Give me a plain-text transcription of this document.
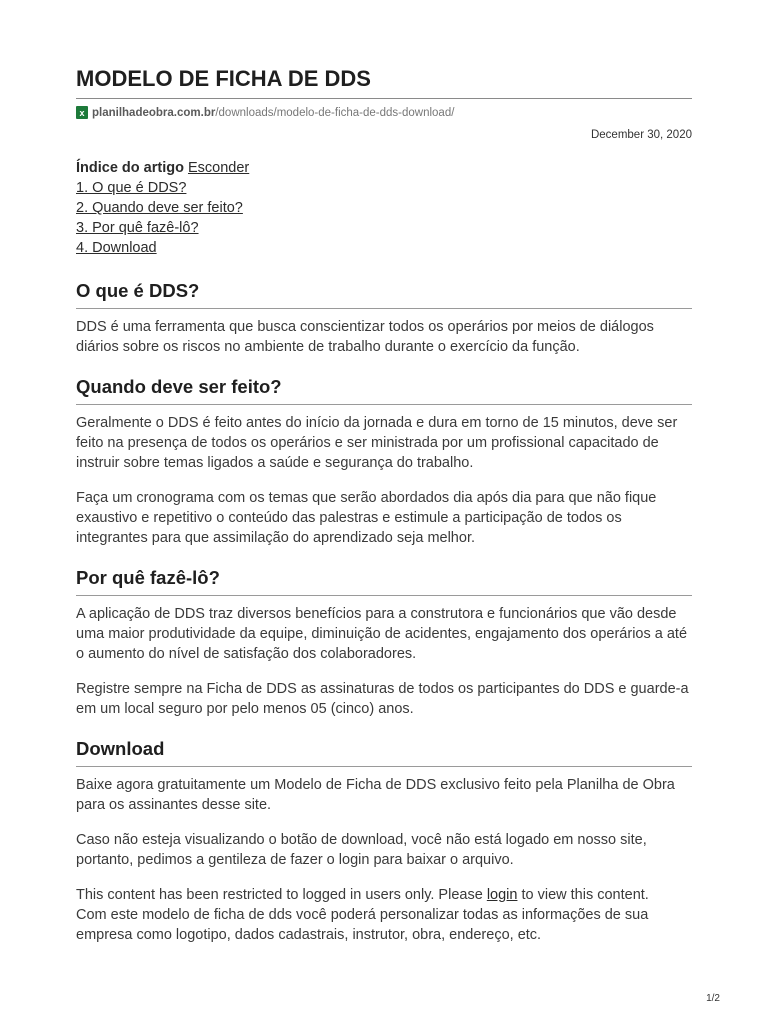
MODELO DE FICHA DE DDS
x planilhadeobra.com.br /downloads/modelo-de-ficha-de-dds-download/
December 30, 2020
Índice do artigo Esconder
1. O que é DDS?
2. Quando deve ser feito?
3. Por quê fazê-lô?
4. Download
O que é DDS?

DDS é uma ferramenta que busca conscientizar todos os operários por meios de diálogos diários sobre os riscos no ambiente de trabalho durante o exercício da função.

Quando deve ser feito?

Geralmente o DDS é feito antes do início da jornada e dura em torno de 15 minutos, deve ser feito na presença de todos os operários e ser ministrada por um profissional capacitado de instruir sobre temas ligados a saúde e segurança do trabalho.

Faça um cronograma com os temas que serão abordados dia após dia para que não fique exaustivo e repetitivo o conteúdo das palestras e estimule a participação de todos os integrantes para que assimilação do aprendizado seja melhor.

Por quê fazê-lô?

A aplicação de DDS traz diversos benefícios para a construtora e funcionários que vão desde uma maior produtividade da equipe, diminuição de acidentes, engajamento dos operários a até o aumento do nível de satisfação dos colaboradores.

Registre sempre na Ficha de DDS as assinaturas de todos os participantes do DDS e guarde-a em um local seguro por pelo menos 05 (cinco) anos.

Download

Baixe agora gratuitamente um Modelo de Ficha de DDS exclusivo feito pela Planilha de Obra para os assinantes desse site.

Caso não esteja visualizando o botão de download, você não está logado em nosso site, portanto, pedimos a gentileza de fazer o login para baixar o arquivo.

This content has been restricted to logged in users only. Please login to view this content.

Com este modelo de ficha de dds você poderá personalizar todas as informações de sua empresa como logotipo, dados cadastrais, instrutor, obra, endereço, etc.

1/2
